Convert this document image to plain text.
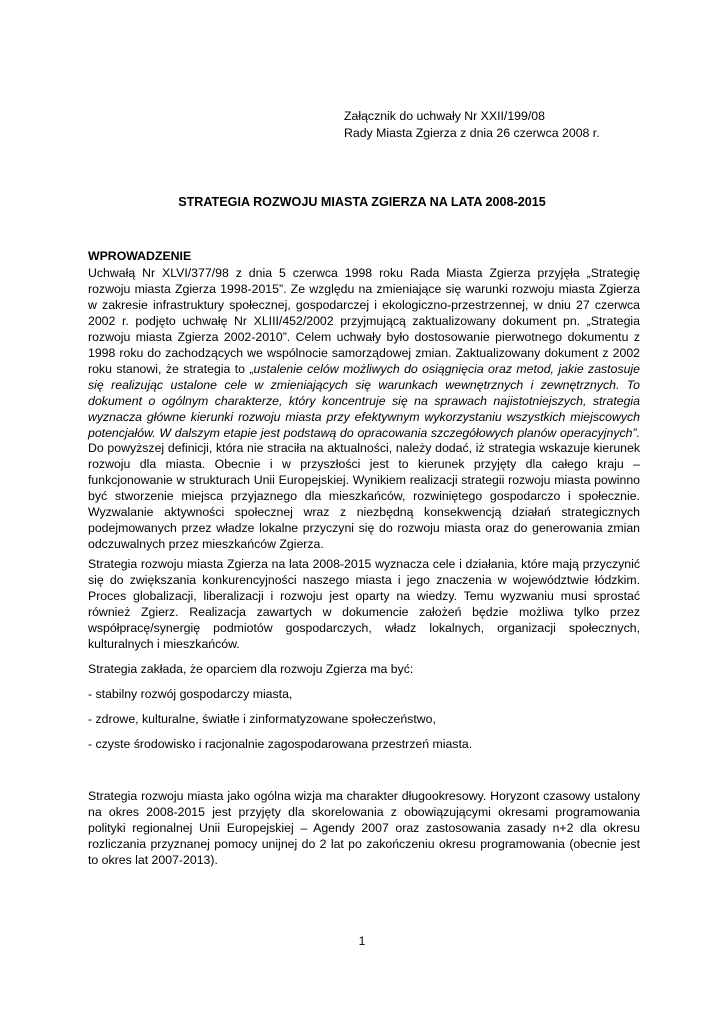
Załącznik do uchwały Nr XXII/199/08
Rady Miasta Zgierza z dnia 26 czerwca 2008 r.
STRATEGIA ROZWOJU MIASTA ZGIERZA NA LATA 2008-2015
WPROWADZENIE

Uchwałą Nr XLVI/377/98 z dnia 5 czerwca 1998 roku Rada Miasta Zgierza przyjęła „Strategię rozwoju miasta Zgierza 1998-2015”. Ze względu na zmieniające się warunki rozwoju miasta Zgierza w zakresie infrastruktury społecznej, gospodarczej i ekologiczno-przestrzennej, w dniu 27 czerwca 2002 r. podjęto uchwałę Nr XLIII/452/2002 przyjmującą zaktualizowany dokument pn. „Strategia rozwoju miasta Zgierza 2002-2010”. Celem uchwały było dostosowanie pierwotnego dokumentu z 1998 roku do zachodzących we wspólnocie samorządowej zmian. Zaktualizowany dokument z 2002 roku stanowi, że strategia to „ustalenie celów możliwych do osiągnięcia oraz metod, jakie zastosuje się realizując ustalone cele w zmieniających się warunkach wewnętrznych i zewnętrznych. To dokument o ogólnym charakterze, który koncentruje się na sprawach najistotniejszych, strategia wyznacza główne kierunki rozwoju miasta przy efektywnym wykorzystaniu wszystkich miejscowych potencjałów. W dalszym etapie jest podstawą do opracowania szczegółowych planów operacyjnych”. Do powyższej definicji, która nie straciła na aktualności, należy dodać, iż strategia wskazuje kierunek rozwoju dla miasta. Obecnie i w przyszłości jest to kierunek przyjęty dla całego kraju – funkcjonowanie w strukturach Unii Europejskiej. Wynikiem realizacji strategii rozwoju miasta powinno być stworzenie miejsca przyjaznego dla mieszkańców, rozwiniętego gospodarczo i społecznie. Wyzwalanie aktywności społecznej wraz z niezbędną konsekwencją działań strategicznych podejmowanych przez władze lokalne przyczyni się do rozwoju miasta oraz do generowania zmian odczuwalnych przez mieszkańców Zgierza.

Strategia rozwoju miasta Zgierza na lata 2008-2015 wyznacza cele i działania, które mają przyczynić się do zwiększania konkurencyjności naszego miasta i jego znaczenia w województwie łódzkim. Proces globalizacji, liberalizacji i rozwoju jest oparty na wiedzy. Temu wyzwaniu musi sprostać również Zgierz. Realizacja zawartych w dokumencie założeń będzie możliwa tylko przez współpracę/synergię podmiotów gospodarczych, władz lokalnych, organizacji społecznych, kulturalnych i mieszkańców.

Strategia zakłada, że oparciem dla rozwoju Zgierza ma być:

- stabilny rozwój gospodarczy miasta,

- zdrowe, kulturalne, światłe i zinformatyzowane społeczeństwo,

- czyste środowisko i racjonalnie zagospodarowana przestrzeń miasta.

Strategia rozwoju miasta jako ogólna wizja ma charakter długookresowy. Horyzont czasowy ustalony na okres 2008-2015 jest przyjęty dla skorelowania z obowiązującymi okresami programowania polityki regionalnej Unii Europejskiej – Agendy 2007 oraz zastosowania zasady n+2 dla okresu rozliczania przyznanej pomocy unijnej do 2 lat po zakończeniu okresu programowania (obecnie jest to okres lat 2007-2013).

1
